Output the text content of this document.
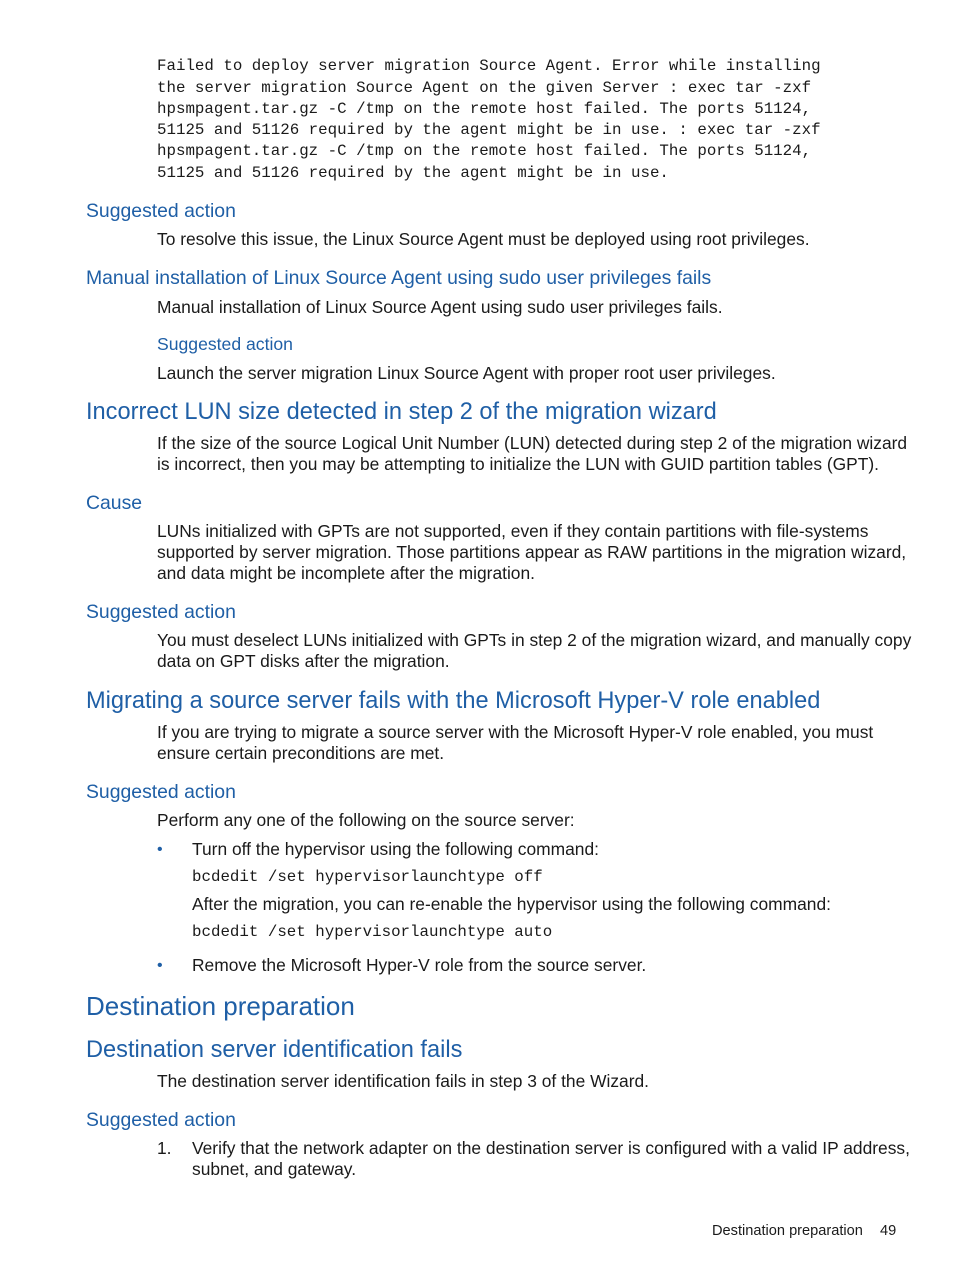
Failed to deploy server migration Source Agent. Error while installing
the server migration Source Agent on the given Server : exec tar -zxf
hpsmpagent.tar.gz -C /tmp on the remote host failed. The ports 51124,
51125 and 51126 required by the agent might be in use. : exec tar -zxf
hpsmpagent.tar.gz -C /tmp on the remote host failed. The ports 51124,
51125 and 51126 required by the agent might be in use.
Suggested action
To resolve this issue, the Linux Source Agent must be deployed using root privileges.
Manual installation of Linux Source Agent using sudo user privileges fails
Manual installation of Linux Source Agent using sudo user privileges fails.
Suggested action
Launch the server migration Linux Source Agent with proper root user privileges.
Incorrect LUN size detected in step 2 of the migration wizard
If the size of the source Logical Unit Number (LUN) detected during step 2 of the migration wizard
is incorrect, then you may be attempting to initialize the LUN with GUID partition tables (GPT).
Cause
LUNs initialized with GPTs are not supported, even if they contain partitions with file-systems
supported by server migration. Those partitions appear as RAW partitions in the migration wizard,
and data might be incomplete after the migration.
Suggested action
You must deselect LUNs initialized with GPTs in step 2 of the migration wizard, and manually copy
data on GPT disks after the migration.
Migrating a source server fails with the Microsoft Hyper-V role enabled
If you are trying to migrate a source server with the Microsoft Hyper-V role enabled, you must
ensure certain preconditions are met.
Suggested action
Perform any one of the following on the source server:
• Turn off the hypervisor using the following command:
bcdedit /set hypervisorlaunchtype off
After the migration, you can re-enable the hypervisor using the following command:
bcdedit /set hypervisorlaunchtype auto
• Remove the Microsoft Hyper-V role from the source server.
Destination preparation
Destination server identification fails
The destination server identification fails in step 3 of the Wizard.
Suggested action
1. Verify that the network adapter on the destination server is configured with a valid IP address,
subnet, and gateway.
Destination preparation 49
